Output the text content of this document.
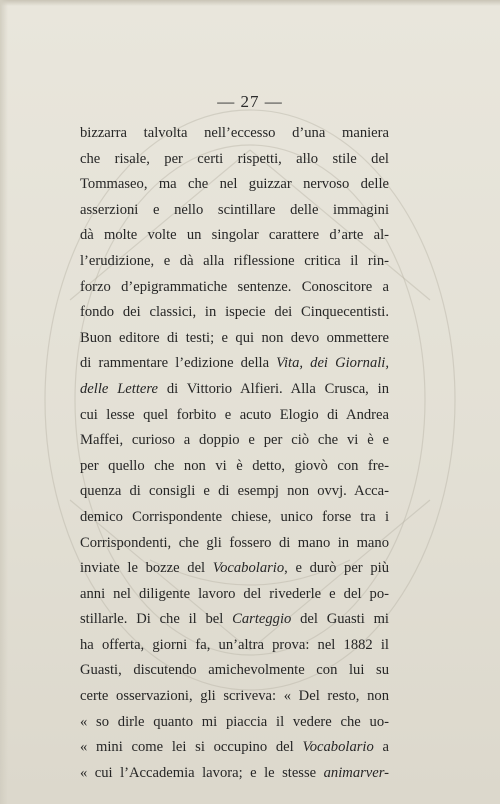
— 27 —
bizzarra talvolta nell’eccesso d’una maniera
che risale, per certi rispetti, allo stile del
Tommaseo, ma che nel guizzar nervoso delle
asserzioni e nello scintillare delle immagini
dà molte volte un singolar carattere d’arte al-
l’erudizione, e dà alla riflessione critica il rin-
forzo d’epigrammatiche sentenze. Conoscitore a
fondo dei classici, in ispecie dei Cinquecentisti.
Buon editore di testi; e qui non devo ommettere
di rammentare l’edizione della Vita, dei Giornali,
delle Lettere di Vittorio Alfieri. Alla Crusca, in
cui lesse quel forbito e acuto Elogio di Andrea
Maffei, curioso a doppio e per ciò che vi è e
per quello che non vi è detto, giovò con fre-
quenza di consigli e di esempj non ovvj. Acca-
demico Corrispondente chiese, unico forse tra i
Corrispondenti, che gli fossero di mano in mano
inviate le bozze del Vocabolario, e durò per più
anni nel diligente lavoro del rivederle e del po-
stillarle. Di che il bel Carteggio del Guasti mi
ha offerta, giorni fa, un’altra prova: nel 1882 il
Guasti, discutendo amichevolmente con lui su
certe osservazioni, gli scriveva: « Del resto, non
« so dirle quanto mi piaccia il vedere che uo-
« mini come lei si occupino del Vocabolario a
« cui l’Accademia lavora; e le stesse animarver-
